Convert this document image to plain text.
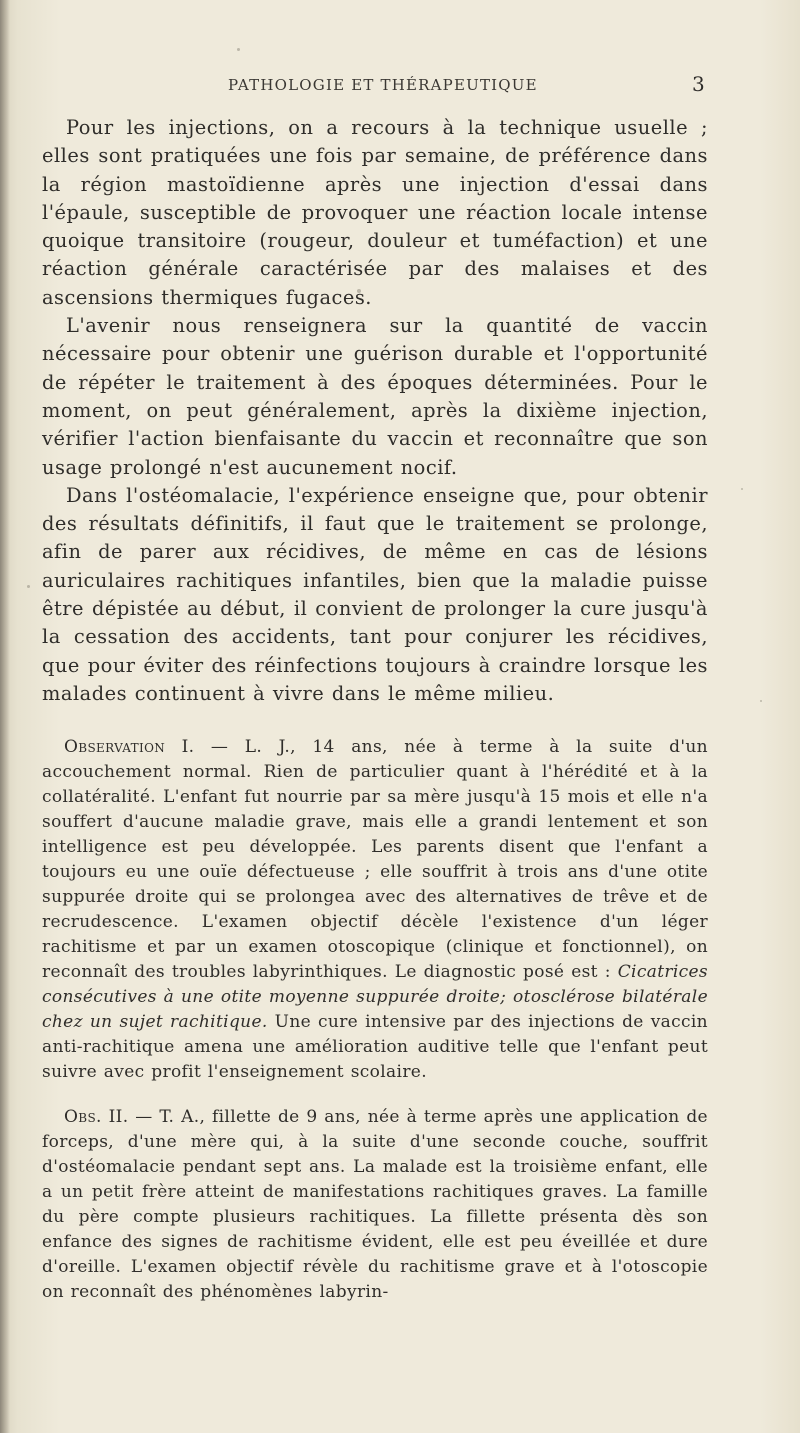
PATHOLOGIE ET THÉRAPEUTIQUE	3

Pour les injections, on a recours à la technique usuelle ; elles sont pratiquées une fois par semaine, de préférence dans la région mastoïdienne après une injection d'essai dans l'épaule, susceptible de provoquer une réaction locale intense quoique transitoire (rougeur, douleur et tuméfaction) et une réaction générale caractérisée par des malaises et des ascensions thermiques fugaces.

L'avenir nous renseignera sur la quantité de vaccin nécessaire pour obtenir une guérison durable et l'opportunité de répéter le traitement à des époques déterminées. Pour le moment, on peut généralement, après la dixième injection, vérifier l'action bienfaisante du vaccin et reconnaître que son usage prolongé n'est aucunement nocif.

Dans l'ostéomalacie, l'expérience enseigne que, pour obtenir des résultats définitifs, il faut que le traitement se prolonge, afin de parer aux récidives, de même en cas de lésions auriculaires rachitiques infantiles, bien que la maladie puisse être dépistée au début, il convient de prolonger la cure jusqu'à la cessation des accidents, tant pour conjurer les récidives, que pour éviter des réinfections toujours à craindre lorsque les malades continuent à vivre dans le même milieu.

Observation I. — L. J., 14 ans, née à terme à la suite d'un accouchement normal. Rien de particulier quant à l'hérédité et à la collatéralité. L'enfant fut nourrie par sa mère jusqu'à 15 mois et elle n'a souffert d'aucune maladie grave, mais elle a grandi lentement et son intelligence est peu développée. Les parents disent que l'enfant a toujours eu une ouïe défectueuse ; elle souffrit à trois ans d'une otite suppurée droite qui se prolongea avec des alternatives de trêve et de recrudescence. L'examen objectif décèle l'existence d'un léger rachitisme et par un examen otoscopique (clinique et fonctionnel), on reconnaît des troubles labyrinthiques. Le diagnostic posé est : Cicatrices consécutives à une otite moyenne suppurée droite; otosclérose bilatérale chez un sujet rachitique. Une cure intensive par des injections de vaccin anti-rachitique amena une amélioration auditive telle que l'enfant peut suivre avec profit l'enseignement scolaire.

Obs. II. — T. A., fillette de 9 ans, née à terme après une application de forceps, d'une mère qui, à la suite d'une seconde couche, souffrit d'ostéomalacie pendant sept ans. La malade est la troisième enfant, elle a un petit frère atteint de manifestations rachitiques graves. La famille du père compte plusieurs rachitiques. La fillette présenta dès son enfance des signes de rachitisme évident, elle est peu éveillée et dure d'oreille. L'examen objectif révèle du rachitisme grave et à l'otoscopie on reconnaît des phénomènes labyrin-
